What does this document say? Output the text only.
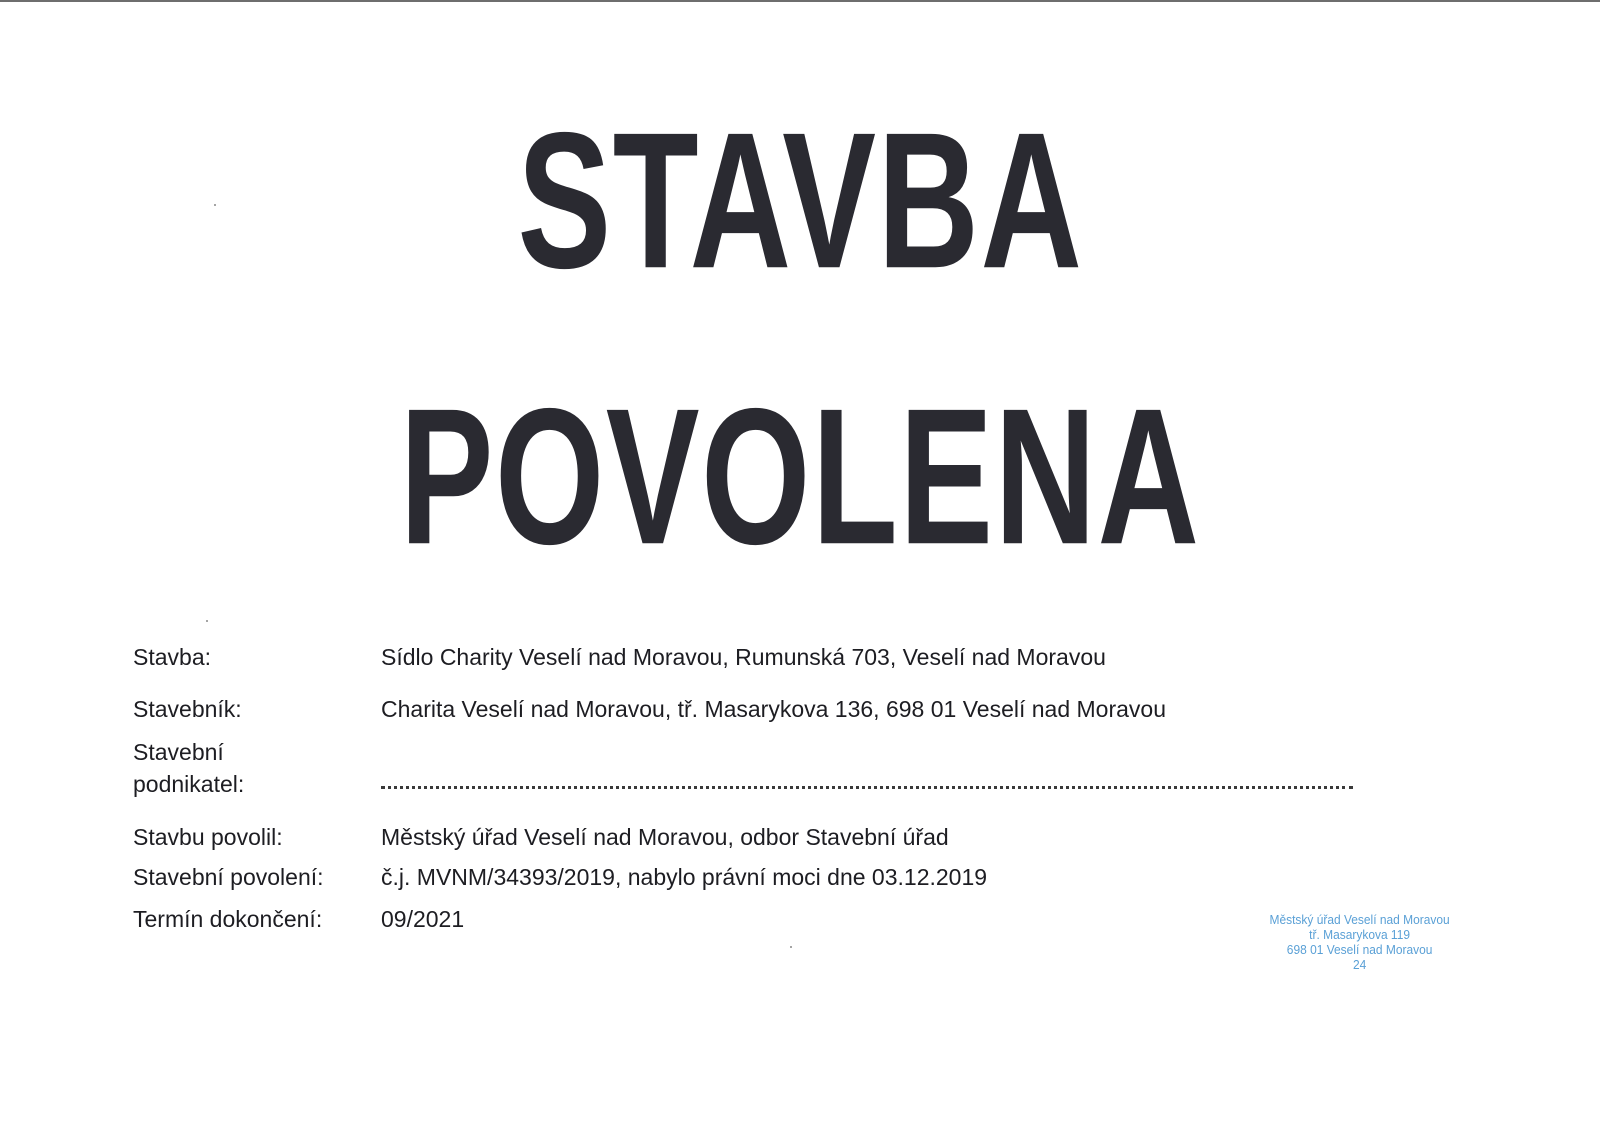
STAVBA
POVOLENA
Stavba:	Sídlo Charity Veselí nad Moravou, Rumunská 703, Veselí nad Moravou
Stavebník:	Charita Veselí nad Moravou, tř. Masarykova 136, 698 01 Veselí nad Moravou
Stavební
podnikatel:
Stavbu povolil:	Městský úřad Veselí nad Moravou, odbor Stavební úřad
Stavební povolení:	č.j. MVNM/34393/2019, nabylo právní moci dne 03.12.2019
Termín dokončení:	09/2021	Městský úřad Veselí nad Moravou
tř. Masarykova 119
698 01 Veselí nad Moravou
24
